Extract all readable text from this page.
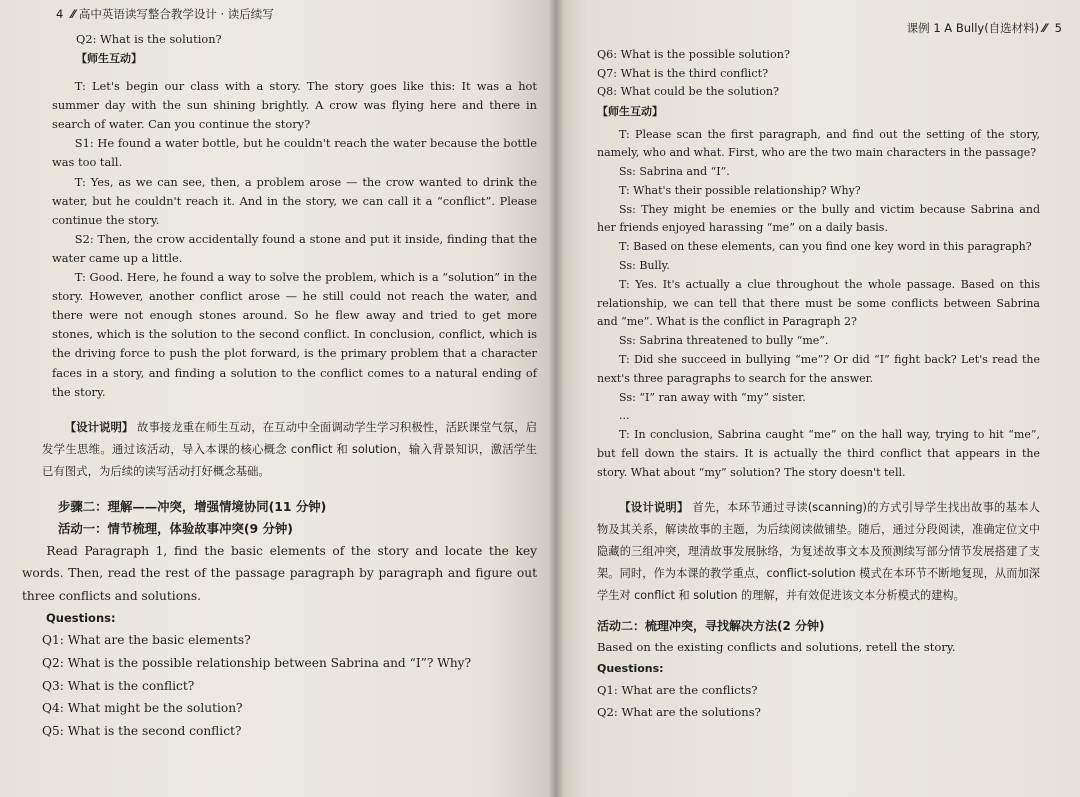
4 ⁄⁄ 高中英语读写整合教学设计 · 读后续写

Q2: What is the solution?

【师生互动】

T: Let's begin our class with a story. The story goes like this: It was a hot summer day with the sun shining brightly. A crow was flying here and there in search of water. Can you continue the story?

S1: He found a water bottle, but he couldn't reach the water because the bottle was too tall.

T: Yes, as we can see, then, a problem arose — the crow wanted to drink the water, but he couldn't reach it. And in the story, we can call it a “conflict”. Please continue the story.

S2: Then, the crow accidentally found a stone and put it inside, finding that the water came up a little.

T: Good. Here, he found a way to solve the problem, which is a “solution” in the story. However, another conflict arose — he still could not reach the water, and there were not enough stones around. So he flew away and tried to get more stones, which is the solution to the second conflict. In conclusion, conflict, which is the driving force to push the plot forward, is the primary problem that a character faces in a story, and finding a solution to the conflict comes to a natural ending of the story.

【设计说明】 故事接龙重在师生互动，在互动中全面调动学生学习积极性，活跃课堂气氛，启发学生思维。通过该活动，导入本课的核心概念 conflict 和 solution，输入背景知识，激活学生已有图式，为后续的读写活动打好概念基础。

步骤二：理解——冲突，增强情境协同(11 分钟)

活动一：情节梳理，体验故事冲突(9 分钟)

Read Paragraph 1, find the basic elements of the story and locate the key words. Then, read the rest of the passage paragraph by paragraph and figure out three conflicts and solutions.

Questions:

Q1: What are the basic elements?

Q2: What is the possible relationship between Sabrina and “I”? Why?

Q3: What is the conflict?

Q4: What might be the solution?

Q5: What is the second conflict?

课例 1 A Bully(自选材料) ⁄⁄ 5

Q6: What is the possible solution?

Q7: What is the third conflict?

Q8: What could be the solution?

【师生互动】

T: Please scan the first paragraph, and find out the setting of the story, namely, who and what. First, who are the two main characters in the passage?

Ss: Sabrina and “I”.

T: What's their possible relationship? Why?

Ss: They might be enemies or the bully and victim because Sabrina and her friends enjoyed harassing “me” on a daily basis.

T: Based on these elements, can you find one key word in this paragraph?

Ss: Bully.

T: Yes. It's actually a clue throughout the whole passage. Based on this relationship, we can tell that there must be some conflicts between Sabrina and “me”. What is the conflict in Paragraph 2?

Ss: Sabrina threatened to bully “me”.

T: Did she succeed in bullying “me”? Or did “I” fight back? Let's read the next's three paragraphs to search for the answer.

Ss: “I” ran away with “my” sister.

...

T: In conclusion, Sabrina caught “me” on the hall way, trying to hit “me”, but fell down the stairs. It is actually the third conflict that appears in the story. What about “my” solution? The story doesn't tell.

【设计说明】 首先，本环节通过寻读(scanning)的方式引导学生找出故事的基本人物及其关系，解读故事的主题，为后续阅读做铺垫。随后，通过分段阅读，准确定位文中隐藏的三组冲突，理清故事发展脉络，为复述故事文本及预测续写部分情节发展搭建了支架。同时，作为本课的教学重点，conflict-solution 模式在本环节不断地复现，从而加深学生对 conflict 和 solution 的理解，并有效促进该文本分析模式的建构。

活动二：梳理冲突，寻找解决方法(2 分钟)

Based on the existing conflicts and solutions, retell the story.

Questions:

Q1: What are the conflicts?

Q2: What are the solutions?
